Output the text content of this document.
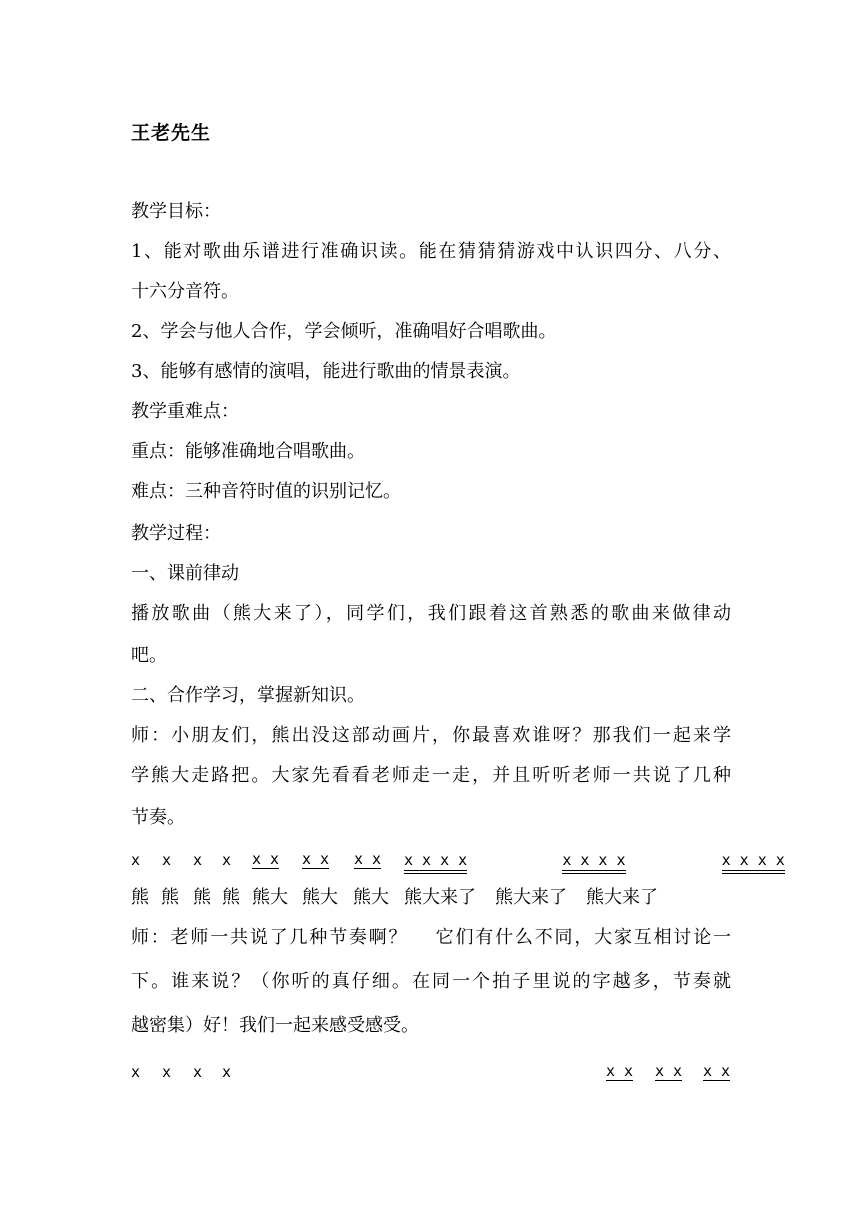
王老先生
教学目标：
1、能对歌曲乐谱进行准确识读。能在猜猜猜游戏中认识四分、八分、
十六分音符。
2、学会与他人合作，学会倾听，准确唱好合唱歌曲。
3、能够有感情的演唱，能进行歌曲的情景表演。
教学重难点：
重点：能够准确地合唱歌曲。
难点：三种音符时值的识别记忆。
教学过程：
一、课前律动
播放歌曲（熊大来了），同学们，我们跟着这首熟悉的歌曲来做律动
吧。
二、合作学习，掌握新知识。
师：小朋友们，熊出没这部动画片，你最喜欢谁呀？那我们一起来学
学熊大走路把。大家先看看老师走一走，并且听听老师一共说了几种
节奏。
x x x x x x x x x x x x x x	x x x x	x x x x
熊 熊 熊 熊 熊大 熊大 熊大 熊大来了 熊大来了 熊大来了
师：老师一共说了几种节奏啊？　 它们有什么不同，大家互相讨论一
下。谁来说？（你听的真仔细。在同一个拍子里说的字越多，节奏就
越密集）好！我们一起来感受感受。
x x x x	x x x x x x
